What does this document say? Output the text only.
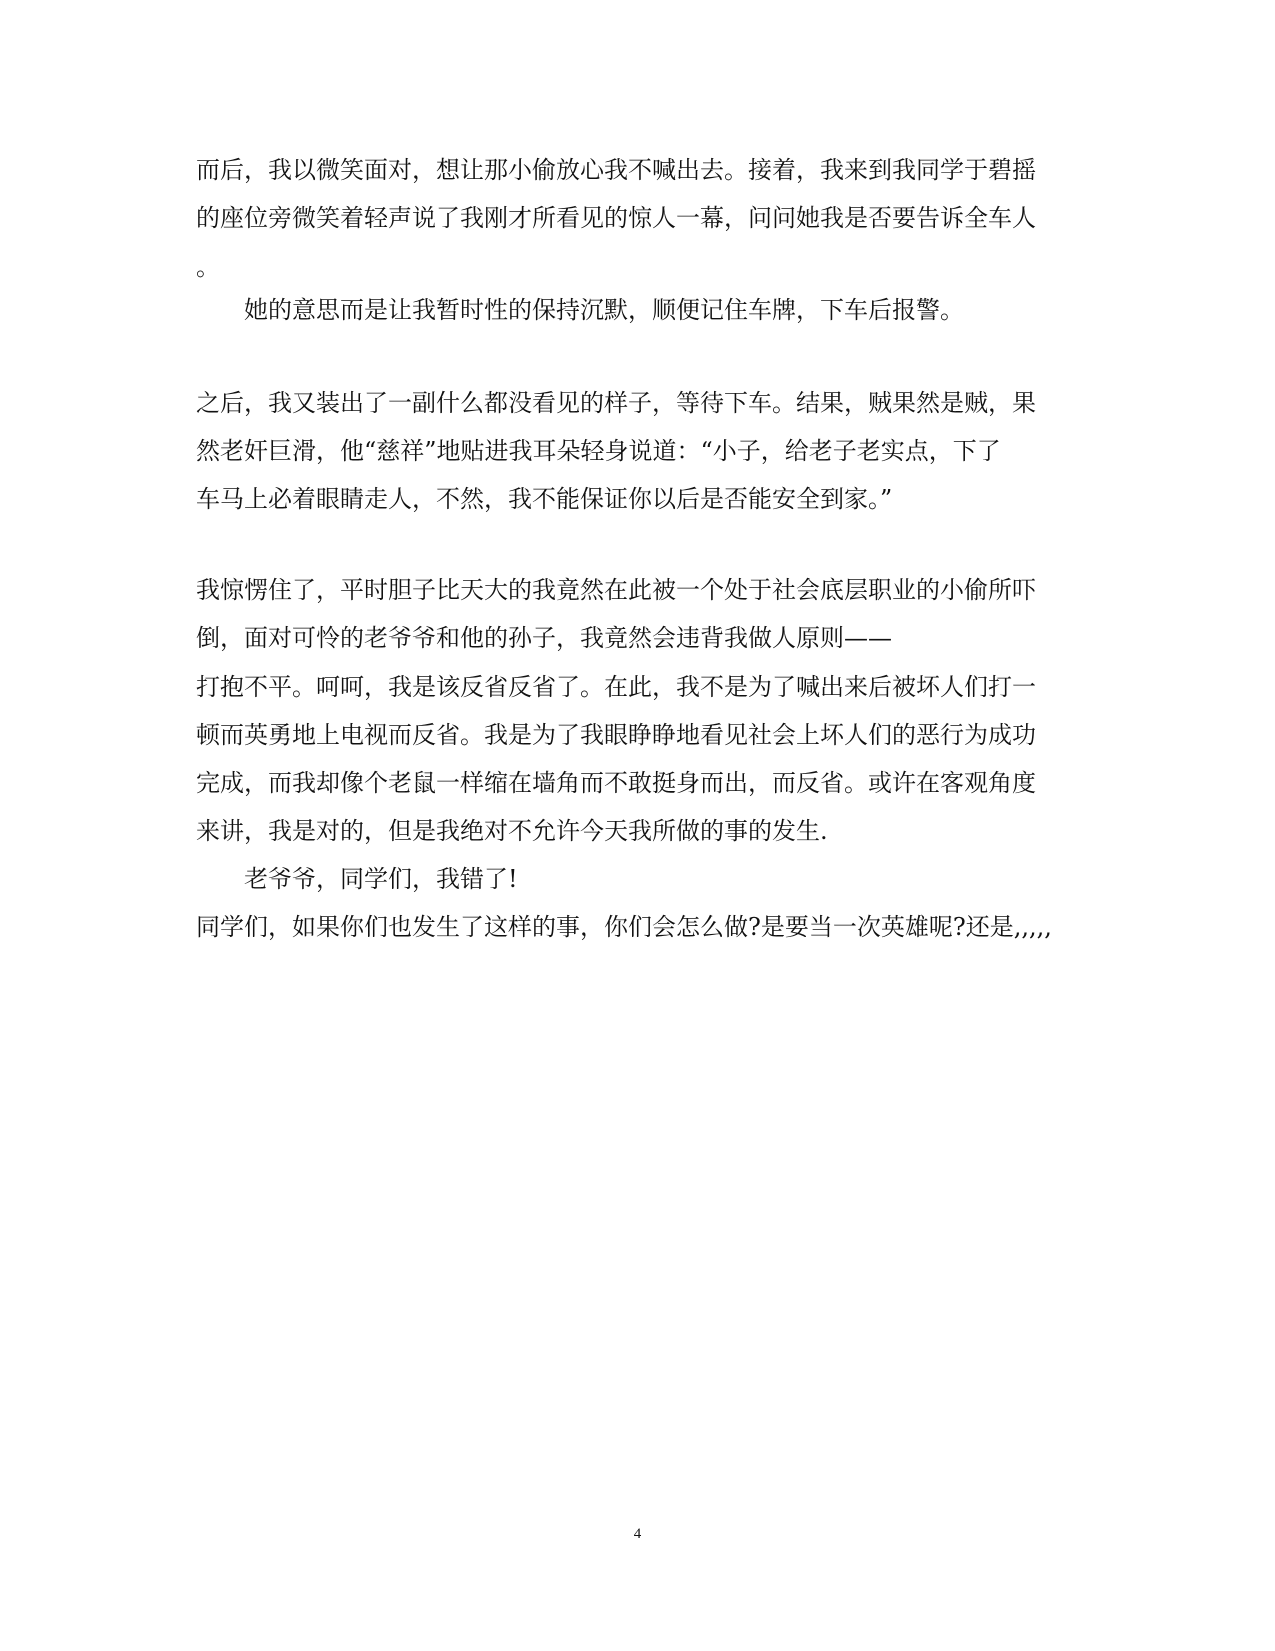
而后，我以微笑面对，想让那小偷放心我不喊出去。接着，我来到我同学于碧摇
的座位旁微笑着轻声说了我刚才所看见的惊人一幕，问问她我是否要告诉全车人
。
她的意思而是让我暂时性的保持沉默，顺便记住车牌，下车后报警。
之后，我又装出了一副什么都没看见的样子，等待下车。结果，贼果然是贼，果
然老奸巨滑，他“慈祥”地贴进我耳朵轻身说道：“小子，给老子老实点，下了
车马上必着眼睛走人，不然，我不能保证你以后是否能安全到家。”
我惊愣住了，平时胆子比天大的我竟然在此被一个处于社会底层职业的小偷所吓
倒，面对可怜的老爷爷和他的孙子，我竟然会违背我做人原则——
打抱不平。呵呵，我是该反省反省了。在此，我不是为了喊出来后被坏人们打一
顿而英勇地上电视而反省。我是为了我眼睁睁地看见社会上坏人们的恶行为成功
完成，而我却像个老鼠一样缩在墙角而不敢挺身而出，而反省。或许在客观角度
来讲，我是对的，但是我绝对不允许今天我所做的事的发生.
老爷爷，同学们，我错了!
同学们，如果你们也发生了这样的事，你们会怎么做?是要当一次英雄呢?还是,,,,,
4
